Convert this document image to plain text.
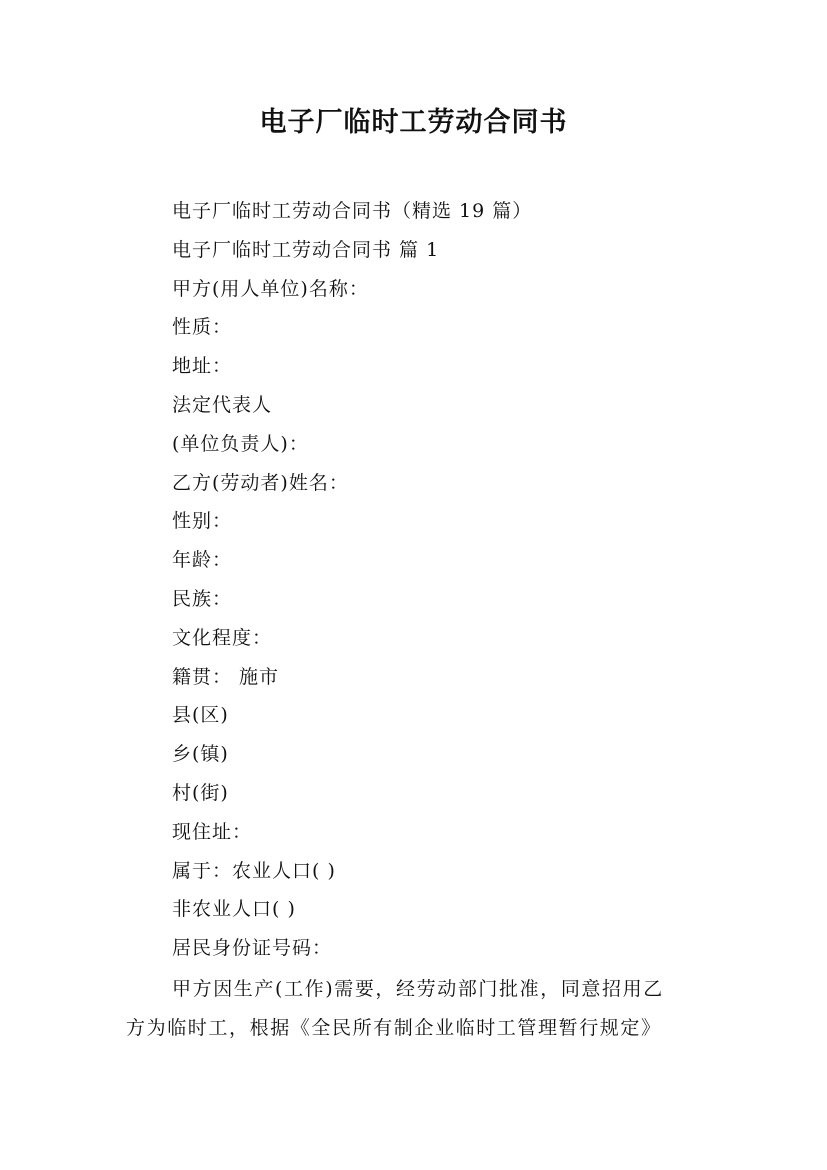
电子厂临时工劳动合同书
电子厂临时工劳动合同书（精选 19 篇）
电子厂临时工劳动合同书 篇 1
甲方(用人单位)名称：
性质：
地址：
法定代表人
(单位负责人)：
乙方(劳动者)姓名：
性别：
年龄：
民族：
文化程度：
籍贯： 施市
县(区)
乡(镇)
村(街)
现住址：
属于：农业人口( )
非农业人口( )
居民身份证号码：
甲方因生产(工作)需要，经劳动部门批准，同意招用乙
方为临时工，根据《全民所有制企业临时工管理暂行规定》
